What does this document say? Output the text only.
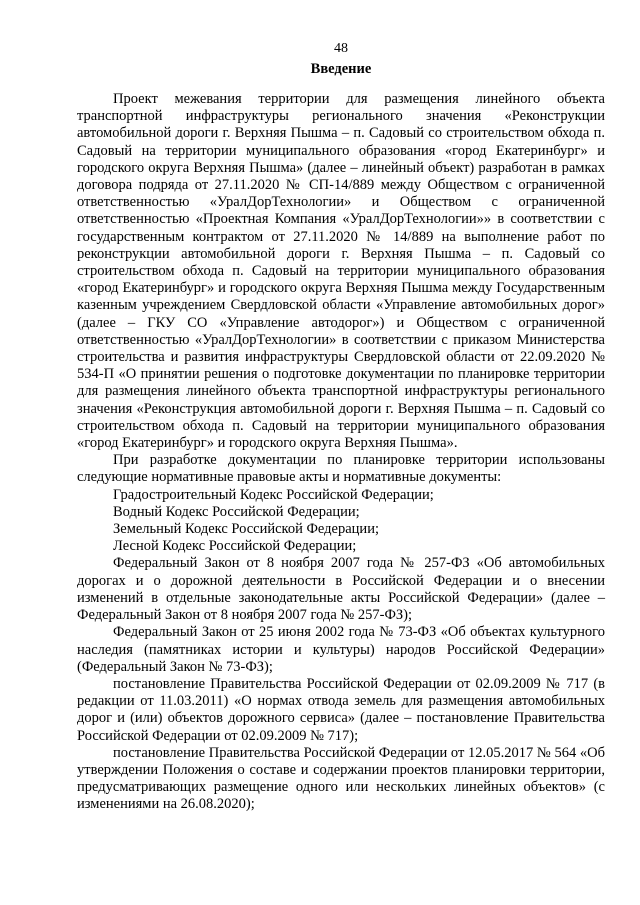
48

Введение

Проект межевания территории для размещения линейного объекта транспортной инфраструктуры регионального значения «Реконструкции автомобильной дороги г. Верхняя Пышма – п. Садовый со строительством обхода п. Садовый на территории муниципального образования «город Екатеринбург» и городского округа Верхняя Пышма» (далее – линейный объект) разработан в рамках договора подряда от 27.11.2020 № СП-14/889 между Обществом с ограниченной ответственностью «УралДорТехнологии» и Обществом с ограниченной ответственностью «Проектная Компания «УралДорТехнологии»» в соответствии с государственным контрактом от 27.11.2020 № 14/889 на выполнение работ по реконструкции автомобильной дороги г. Верхняя Пышма – п. Садовый со строительством обхода п. Садовый на территории муниципального образования «город Екатеринбург» и городского округа Верхняя Пышма между Государственным казенным учреждением Свердловской области «Управление автомобильных дорог» (далее – ГКУ СО «Управление автодорог») и Обществом с ограниченной ответственностью «УралДорТехнологии» в соответствии с приказом Министерства строительства и развития инфраструктуры Свердловской области от 22.09.2020 № 534-П «О принятии решения о подготовке документации по планировке территории для размещения линейного объекта транспортной инфраструктуры регионального значения «Реконструкция автомобильной дороги г. Верхняя Пышма – п. Садовый со строительством обхода п. Садовый на территории муниципального образования «город Екатеринбург» и городского округа Верхняя Пышма».

При разработке документации по планировке территории использованы следующие нормативные правовые акты и нормативные документы:

Градостроительный Кодекс Российской Федерации;

Водный Кодекс Российской Федерации;

Земельный Кодекс Российской Федерации;

Лесной Кодекс Российской Федерации;

Федеральный Закон от 8 ноября 2007 года № 257-ФЗ «Об автомобильных дорогах и о дорожной деятельности в Российской Федерации и о внесении изменений в отдельные законодательные акты Российской Федерации» (далее – Федеральный Закон от 8 ноября 2007 года № 257-ФЗ);

Федеральный Закон от 25 июня 2002 года № 73-ФЗ «Об объектах культурного наследия (памятниках истории и культуры) народов Российской Федерации» (Федеральный Закон № 73-ФЗ);

постановление Правительства Российской Федерации от 02.09.2009 № 717 (в редакции от 11.03.2011) «О нормах отвода земель для размещения автомобильных дорог и (или) объектов дорожного сервиса» (далее – постановление Правительства Российской Федерации от 02.09.2009 № 717);

постановление Правительства Российской Федерации от 12.05.2017 № 564 «Об утверждении Положения о составе и содержании проектов планировки территории, предусматривающих размещение одного или нескольких линейных объектов» (с изменениями на 26.08.2020);
